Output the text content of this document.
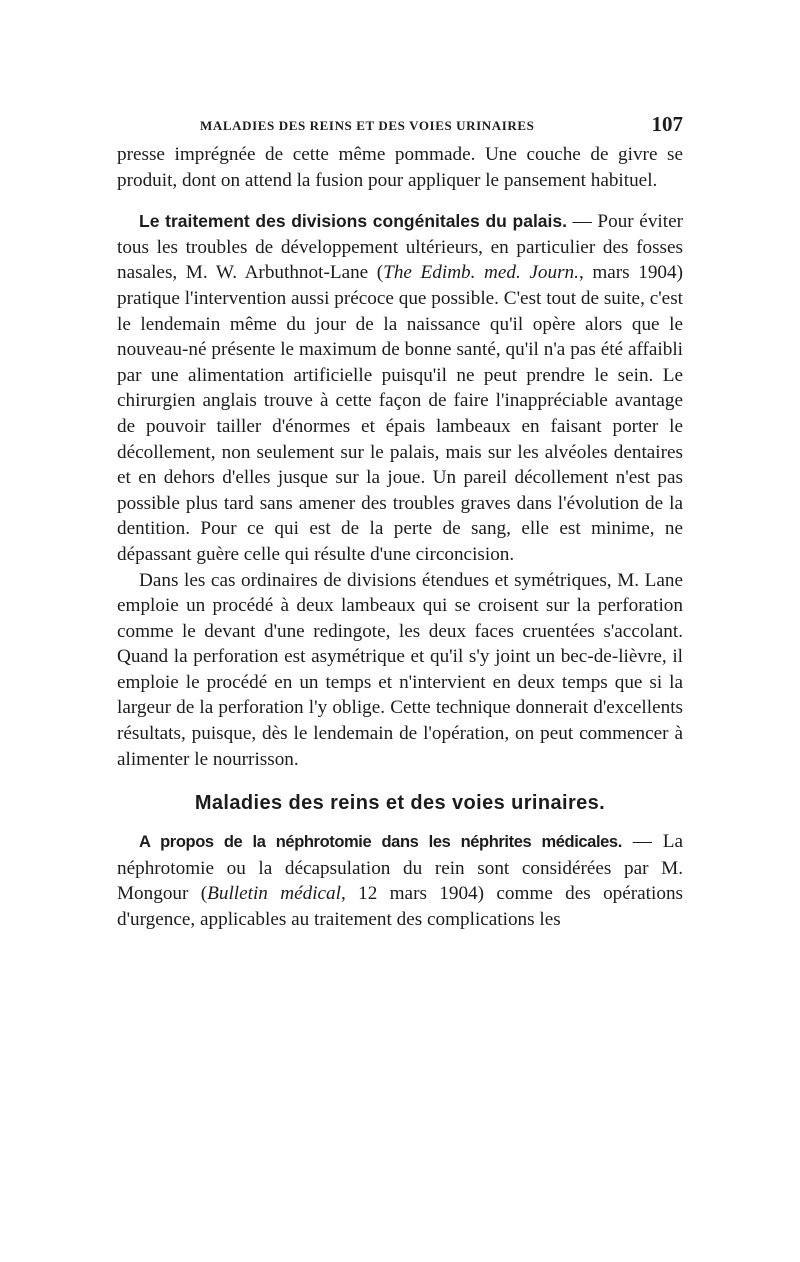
MALADIES DES REINS ET DES VOIES URINAIRES	107

presse imprégnée de cette même pommade. Une couche de givre se produit, dont on attend la fusion pour appliquer le pansement habituel.

Le traitement des divisions congénitales du palais. — Pour éviter tous les troubles de développement ultérieurs, en particulier des fosses nasales, M. W. Arbuthnot-Lane (The Edimb. med. Journ., mars 1904) pratique l'intervention aussi précoce que possible. C'est tout de suite, c'est le lendemain même du jour de la naissance qu'il opère alors que le nouveau-né présente le maximum de bonne santé, qu'il n'a pas été affaibli par une alimentation artificielle puisqu'il ne peut prendre le sein. Le chirurgien anglais trouve à cette façon de faire l'inappréciable avantage de pouvoir tailler d'énormes et épais lambeaux en faisant porter le décollement, non seulement sur le palais, mais sur les alvéoles dentaires et en dehors d'elles jusque sur la joue. Un pareil décollement n'est pas possible plus tard sans amener des troubles graves dans l'évolution de la dentition. Pour ce qui est de la perte de sang, elle est minime, ne dépassant guère celle qui résulte d'une circoncision.

Dans les cas ordinaires de divisions étendues et symétriques, M. Lane emploie un procédé à deux lambeaux qui se croisent sur la perforation comme le devant d'une redingote, les deux faces cruentées s'accolant. Quand la perforation est asymétrique et qu'il s'y joint un bec-de-lièvre, il emploie le procédé en un temps et n'intervient en deux temps que si la largeur de la perforation l'y oblige. Cette technique donnerait d'excellents résultats, puisque, dès le lendemain de l'opération, on peut commencer à alimenter le nourrisson.

Maladies des reins et des voies urinaires.

A propos de la néphrotomie dans les néphrites médicales. — La néphrotomie ou la décapsulation du rein sont considérées par M. Mongour (Bulletin médical, 12 mars 1904) comme des opérations d'urgence, applicables au traitement des complications les
